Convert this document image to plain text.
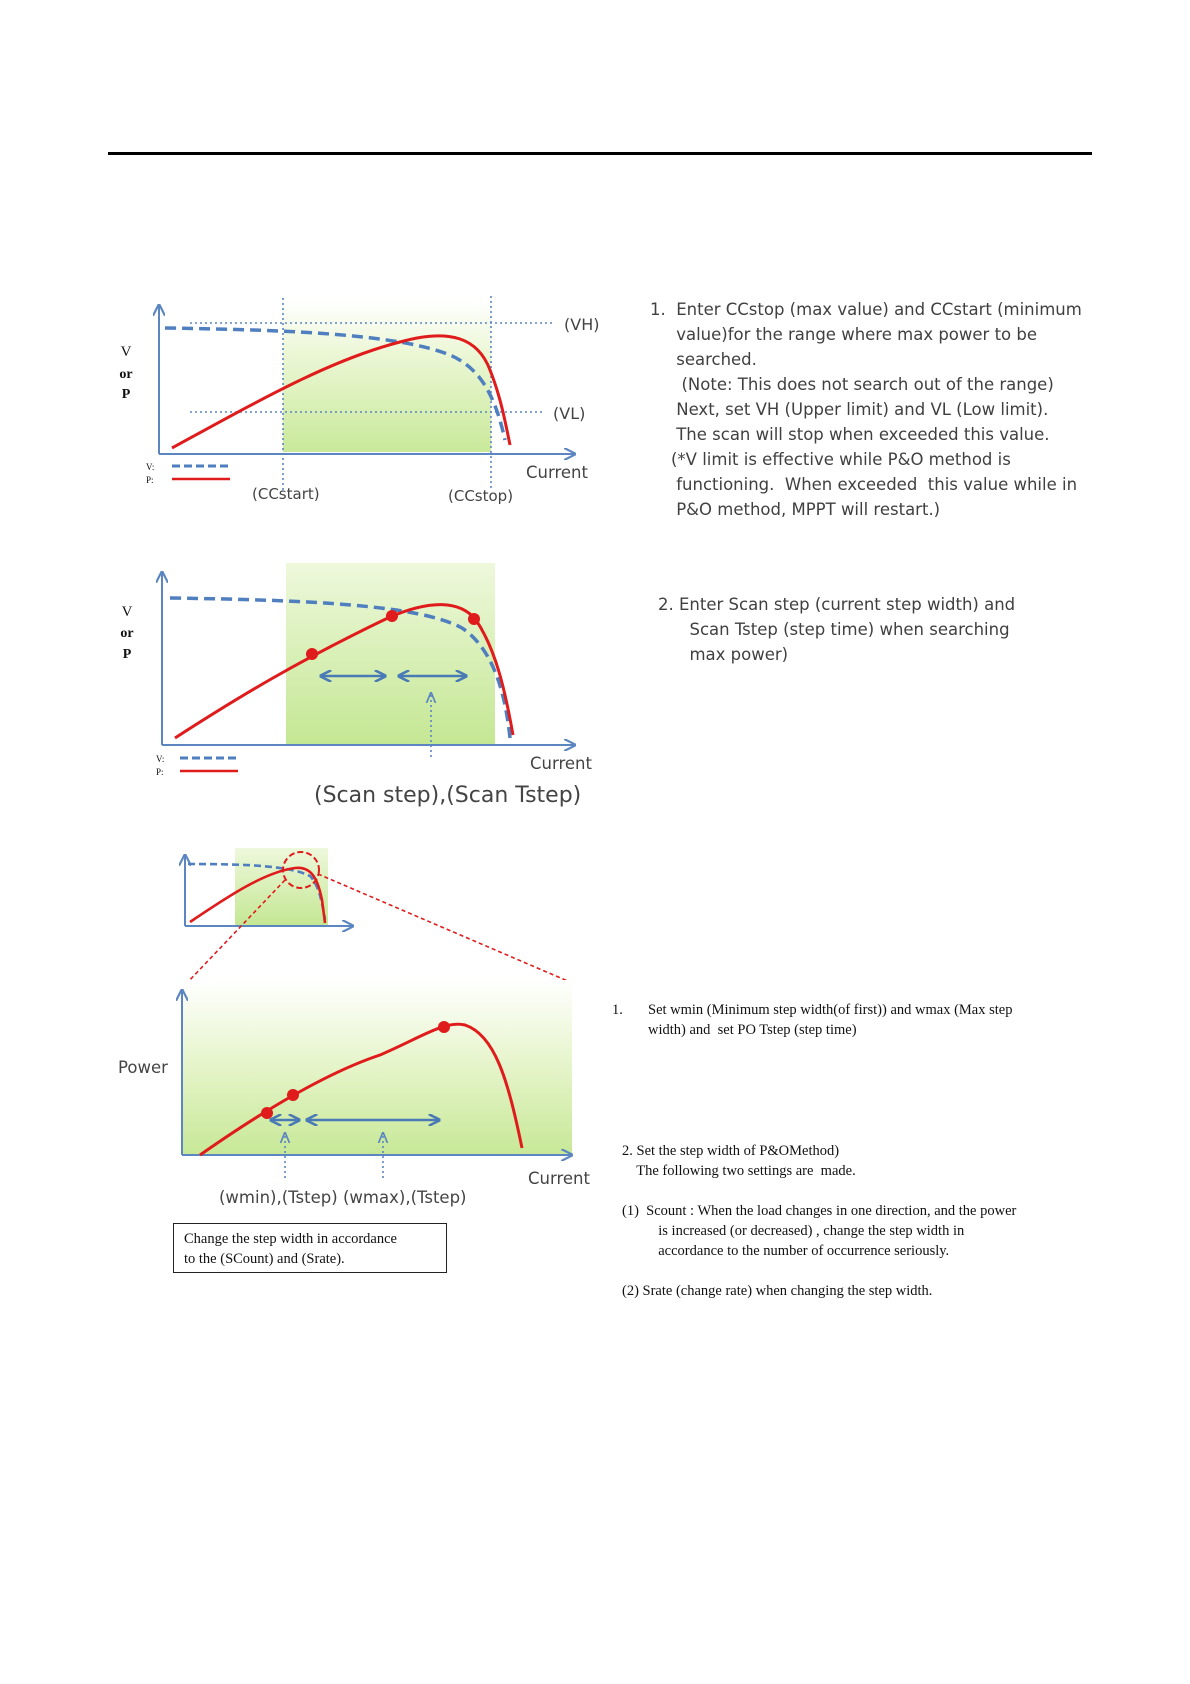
V:
P:
V
or
P
(VH)
(VL)
Current
(CCstart)	(CCstop)
V:
P:
V
or
P
Current
(Scan step),(Scan Tstep)
Power
Current
(wmin),(Tstep) (wmax),(Tstep)
Change the step width in accordance
to the (SCount) and (Srate).
1.  Enter CCstop (max value) and CCstart (minimum
value)for the range where max power to be
searched.
(Note: This does not search out of the range)
Next, set VH (Upper limit) and VL (Low limit).
The scan will stop when exceeded this value.
(*V limit is effective while P&O method is
functioning.  When exceeded  this value while in
P&O method, MPPT will restart.)
2. Enter Scan step (current step width) and
Scan Tstep (step time) when searching
max power)
1. Set wmin (Minimum step width(of first)) and wmax (Max step
width) and  set PO Tstep (step time)
2. Set the step width of P&OMethod)
The following two settings are  made.
(1)  Scount : When the load changes in one direction, and the power
is increased (or decreased) , change the step width in
accordance to the number of occurrence seriously.
(2) Srate (change rate) when changing the step width.
